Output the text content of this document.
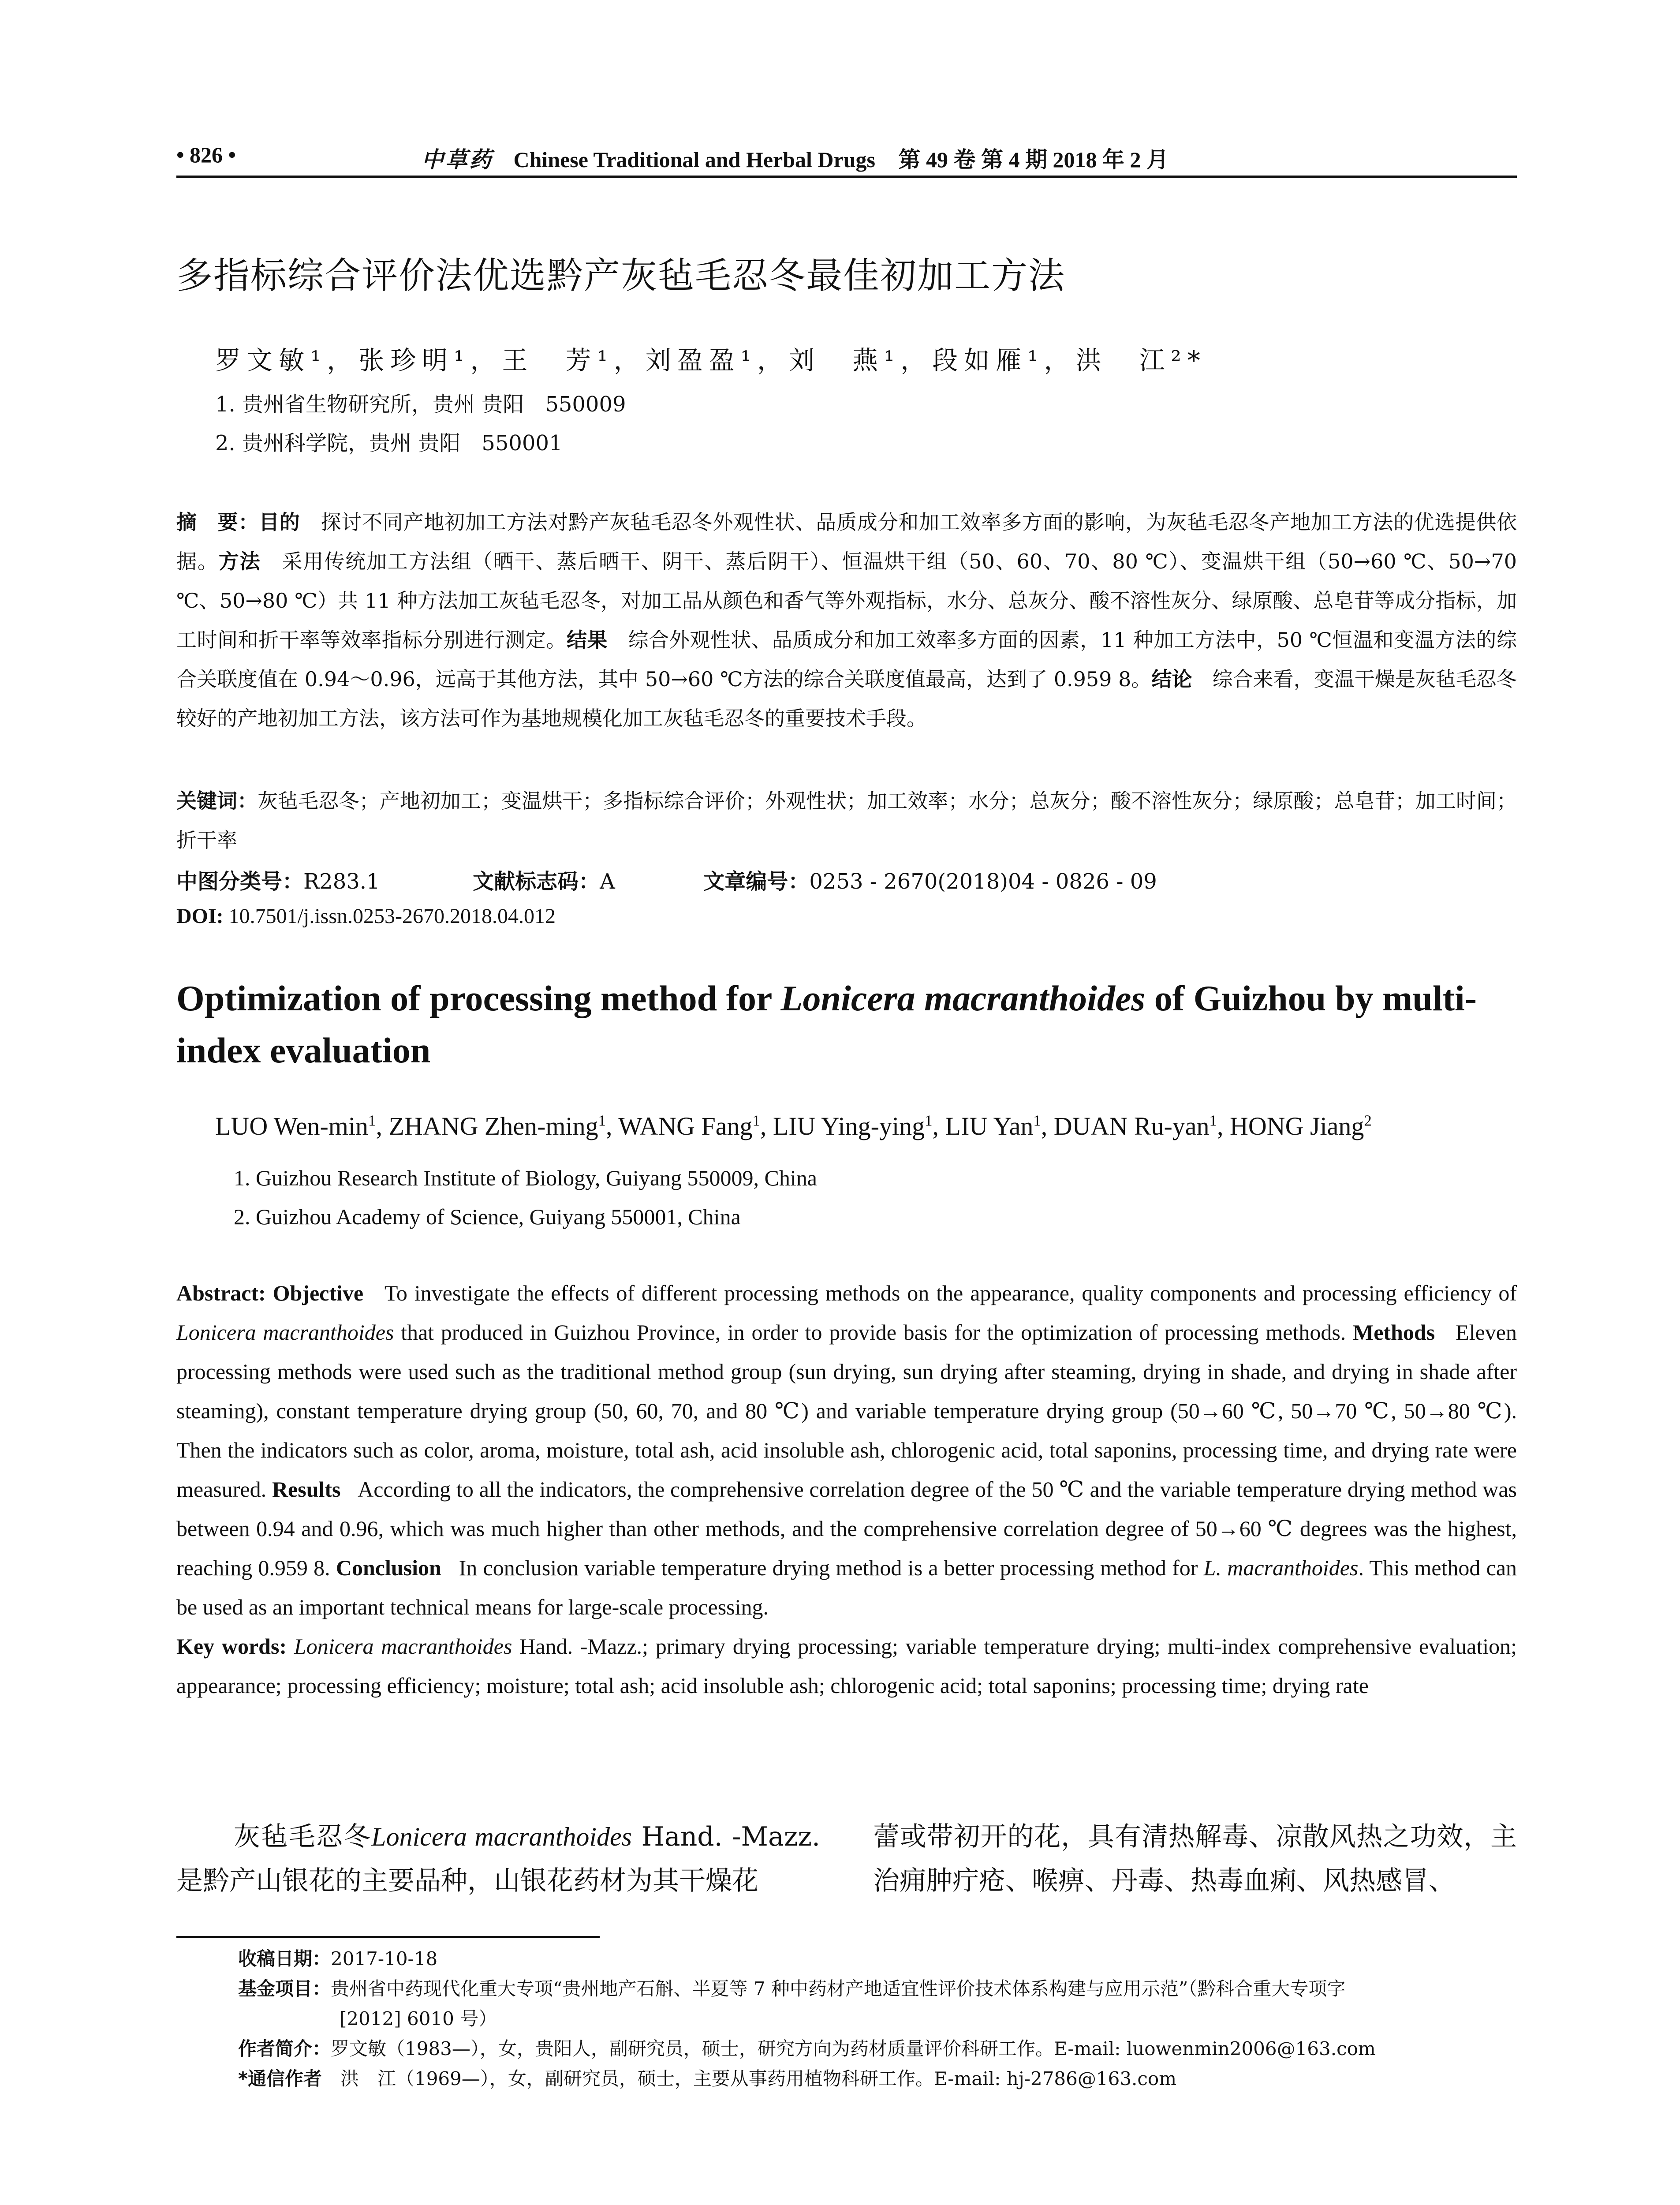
• 826 •	中草药 Chinese Traditional and Herbal Drugs 第 49 卷 第 4 期 2018 年 2 月
多指标综合评价法优选黔产灰毡毛忍冬最佳初加工方法
罗文敏¹，张珍明¹，王　芳¹，刘盈盈¹，刘　燕¹，段如雁¹，洪　江²*
1. 贵州省生物研究所，贵州 贵阳　550009
2. 贵州科学院，贵州 贵阳　550001
摘　要：目的　 探讨不同产地初加工方法对黔产灰毡毛忍冬外观性状、品质成分和加工效率多方面的影响，为灰毡毛忍冬产地加工方法的优选提供依据。方法　 采用传统加工方法组（晒干、蒸后晒干、阴干、蒸后阴干）、恒温烘干组（50、60、70、80 ℃）、变温烘干组（50→60 ℃、50→70 ℃、50→80 ℃）共 11 种方法加工灰毡毛忍冬，对加工品从颜色和香气等外观指标，水分、总灰分、酸不溶性灰分、绿原酸、总皂苷等成分指标，加工时间和折干率等效率指标分别进行测定。结果　 综合外观性状、品质成分和加工效率多方面的因素，11 种加工方法中，50 ℃恒温和变温方法的综合关联度值在 0.94～0.96，远高于其他方法，其中 50→60 ℃方法的综合关联度值最高，达到了 0.959 8。结论　 综合来看，变温干燥是灰毡毛忍冬较好的产地初加工方法，该方法可作为基地规模化加工灰毡毛忍冬的重要技术手段。
关键词：灰毡毛忍冬；产地初加工；变温烘干；多指标综合评价；外观性状；加工效率；水分；总灰分；酸不溶性灰分；绿原酸；总皂苷；加工时间；折干率
中图分类号：R283.1	文献标志码：A	文章编号：0253 - 2670(2018)04 - 0826 - 09
DOI: 10.7501/j.issn.0253-2670.2018.04.012
Optimization of processing method for Lonicera macranthoides of Guizhou by multi-index evaluation
LUO Wen-$\min^1$, ZHANG Zhen-ming$^1$, WANG Fang$^1$, LIU Ying-ying$^1$, LIU Yan$^1$, DUAN Ru-yan$^1$, HONG Jiang$^2$
1. Guizhou Research Institute of Biology, Guiyang 550009, China
2. Guizhou Academy of Science, Guiyang 550001, China
Abstract: Objective To investigate the effects of different processing methods on the appearance, quality components and processing efficiency of Lonicera macranthoides that produced in Guizhou Province, in order to provide basis for the optimization of processing methods. Methods Eleven processing methods were used such as the traditional method group (sun drying, sun drying after steaming, drying in shade, and drying in shade after steaming), constant temperature drying group (50, 60, 70, and 80 ℃) and variable temperature drying group (50→60 ℃, 50→70 ℃, 50→80 ℃). Then the indicators such as color, aroma, moisture, total ash, acid insoluble ash, chlorogenic acid, total saponins, processing time, and drying rate were measured. Results According to all the indicators, the comprehensive correlation degree of the 50 ℃ and the variable temperature drying method was between 0.94 and 0.96, which was much higher than other methods, and the comprehensive correlation degree of 50→60 ℃ degrees was the highest, reaching 0.959 8. Conclusion In conclusion variable temperature drying method is a better processing method for L. macranthoides. This method can be used as an important technical means for large-scale processing.
Key words: Lonicera macranthoides Hand. -Mazz.; primary drying processing; variable temperature drying; multi-index comprehensive evaluation; appearance; processing efficiency; moisture; total ash; acid insoluble ash; chlorogenic acid; total saponins; processing time; drying rate
灰毡毛忍冬Lonicera macranthoides Hand. -Mazz. 是黔产山银花的主要品种，山银花药材为其干燥花
蕾或带初开的花，具有清热解毒、凉散风热之功效，主治痈肿疔疮、喉痹、丹毒、热毒血痢、风热感冒、
收稿日期：2017-10-18
基金项目：贵州省中药现代化重大专项“贵州地产石斛、半夏等 7 种中药材产地适宜性评价技术体系构建与应用示范”（黔科合重大专项字
[2012] 6010 号）
作者简介：罗文敏（1983—），女，贵阳人，副研究员，硕士，研究方向为药材质量评价科研工作。E-mail: luowenmin2006@163.com
*通信作者　洪　江（1969—），女，副研究员，硕士，主要从事药用植物科研工作。E-mail: hj-2786@163.com
